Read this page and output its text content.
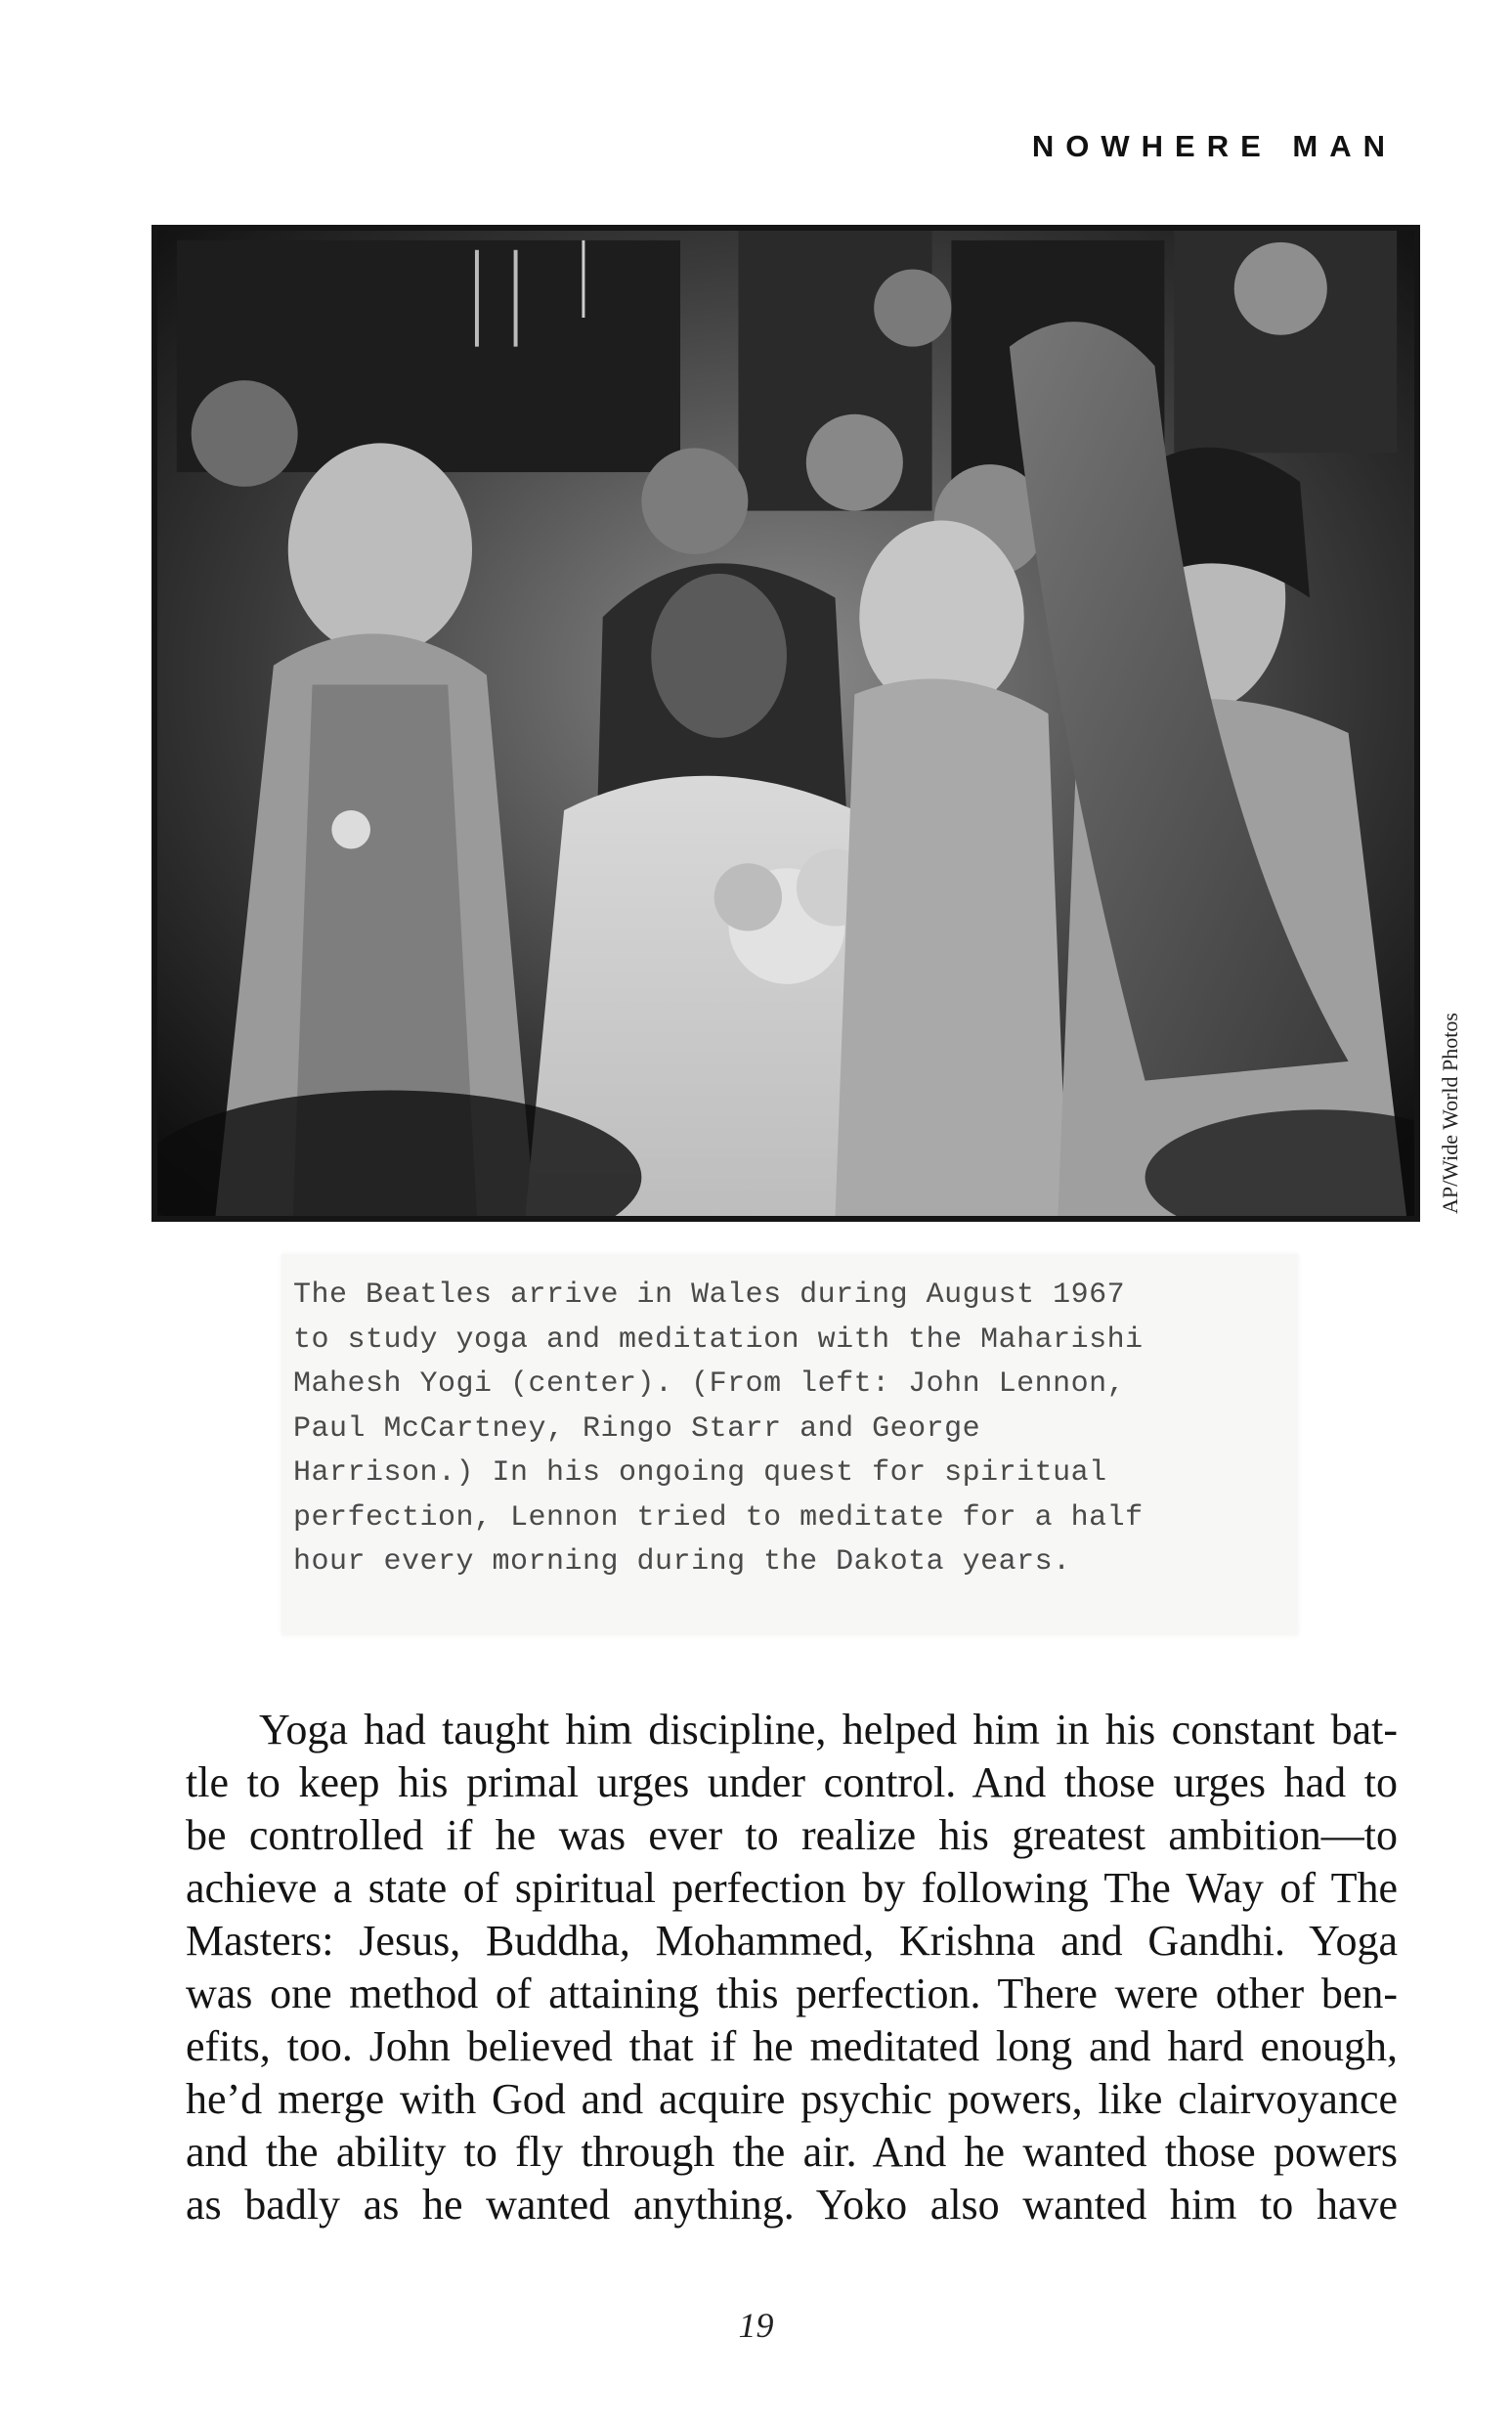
NOWHERE MAN
AP/Wide World Photos
The Beatles arrive in Wales during August 1967
to study yoga and meditation with the Maharishi
Mahesh Yogi (center). (From left: John Lennon,
Paul McCartney, Ringo Starr and George
Harrison.) In his ongoing quest for spiritual
perfection, Lennon tried to meditate for a half
hour every morning during the Dakota years.
Yoga had taught him discipline, helped him in his constant bat-
tle to keep his primal urges under control. And those urges had to
be controlled if he was ever to realize his greatest ambition—to
achieve a state of spiritual perfection by following The Way of The
Masters: Jesus, Buddha, Mohammed, Krishna and Gandhi. Yoga
was one method of attaining this perfection. There were other ben-
efits, too. John believed that if he meditated long and hard enough,
he’d merge with God and acquire psychic powers, like clairvoyance
and the ability to fly through the air. And he wanted those powers
as badly as he wanted anything. Yoko also wanted him to have
19
